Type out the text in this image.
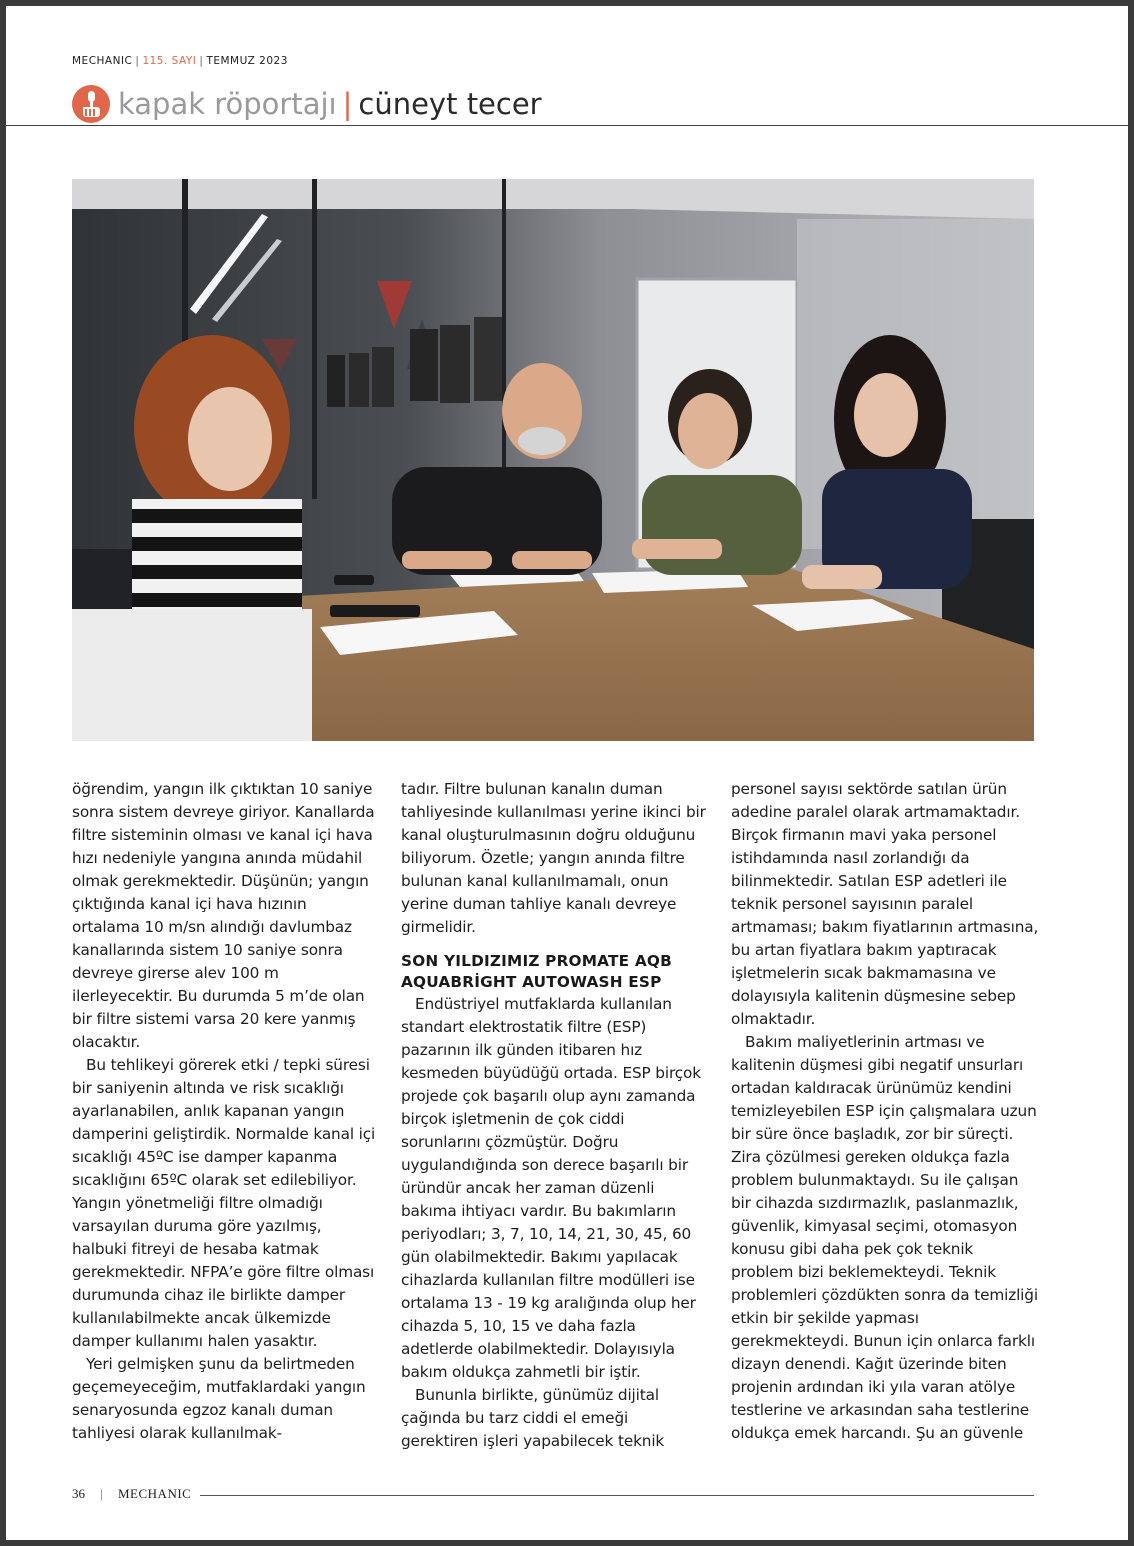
MECHANIC | 115. SAYI | TEMMUZ 2023
kapak röportajı | cüneyt tecer

öğrendim, yangın ilk çıktıktan 10 saniye sonra sistem devreye giriyor. Kanallarda filtre sisteminin olması ve kanal içi hava hızı nedeniyle yangına anında müdahil olmak gerekmektedir. Düşünün; yangın çıktığında kanal içi hava hızının ortalama 10 m/sn alındığı davlumbaz kanallarında sistem 10 saniye sonra devreye girerse alev 100 m ilerleyecektir. Bu durumda 5 m’de olan bir filtre sistemi varsa 20 kere yanmış olacaktır.

Bu tehlikeyi görerek etki / tepki süresi bir saniyenin altında ve risk sıcaklığı ayarlanabilen, anlık kapanan yangın damperini geliştirdik. Normalde kanal içi sıcaklığı 45ºC ise damper kapanma sıcaklığını 65ºC olarak set edilebiliyor. Yangın yönetmeliği filtre olmadığı varsayılan duruma göre yazılmış, halbuki fitreyi de hesaba katmak gerekmektedir. NFPA’e göre filtre olması durumunda cihaz ile birlikte damper kullanılabilmekte ancak ülkemizde damper kullanımı halen yasaktır.

Yeri gelmişken şunu da belirtmeden geçemeyeceğim, mutfaklardaki yangın senaryosunda egzoz kanalı duman tahliyesi olarak kullanılmak-

tadır. Filtre bulunan kanalın duman tahliyesinde kullanılması yerine ikinci bir kanal oluşturulmasının doğru olduğunu biliyorum. Özetle; yangın anında filtre bulunan kanal kullanılmamalı, onun yerine duman tahliye kanalı devreye girmelidir.

SON YILDIZIMIZ PROMATE AQB AQUABRİGHT AUTOWASH ESP

Endüstriyel mutfaklarda kullanılan standart elektrostatik filtre (ESP) pazarının ilk günden itibaren hız kesmeden büyüdüğü ortada. ESP birçok projede çok başarılı olup aynı zamanda birçok işletmenin de çok ciddi sorunlarını çözmüştür. Doğru uygulandığında son derece başarılı bir üründür ancak her zaman düzenli bakıma ihtiyacı vardır. Bu bakımların periyodları; 3, 7, 10, 14, 21, 30, 45, 60 gün olabilmektedir. Bakımı yapılacak cihazlarda kullanılan filtre modülleri ise ortalama 13 - 19 kg aralığında olup her cihazda 5, 10, 15 ve daha fazla adetlerde olabilmektedir. Dolayısıyla bakım oldukça zahmetli bir iştir.

Bununla birlikte, günümüz dijital çağında bu tarz ciddi el emeği gerektiren işleri yapabilecek teknik

personel sayısı sektörde satılan ürün adedine paralel olarak artmamaktadır. Birçok firmanın mavi yaka personel istihdamında nasıl zorlandığı da bilinmektedir. Satılan ESP adetleri ile teknik personel sayısının paralel artmaması; bakım fiyatlarının artmasına, bu artan fiyatlara bakım yaptıracak işletmelerin sıcak bakmamasına ve dolayısıyla kalitenin düşmesine sebep olmaktadır.

Bakım maliyetlerinin artması ve kalitenin düşmesi gibi negatif unsurları ortadan kaldıracak ürünümüz kendini temizleyebilen ESP için çalışmalara uzun bir süre önce başladık, zor bir süreçti. Zira çözülmesi gereken oldukça fazla problem bulunmaktaydı. Su ile çalışan bir cihazda sızdırmazlık, paslanmazlık, güvenlik, kimyasal seçimi, otomasyon konusu gibi daha pek çok teknik problem bizi beklemekteydi. Teknik problemleri çözdükten sonra da temizliği etkin bir şekilde yapması gerekmekteydi. Bunun için onlarca farklı dizayn denendi. Kağıt üzerinde biten projenin ardından iki yıla varan atölye testlerine ve arkasından saha testlerine oldukça emek harcandı. Şu an güvenle

36 | MECHANIC
